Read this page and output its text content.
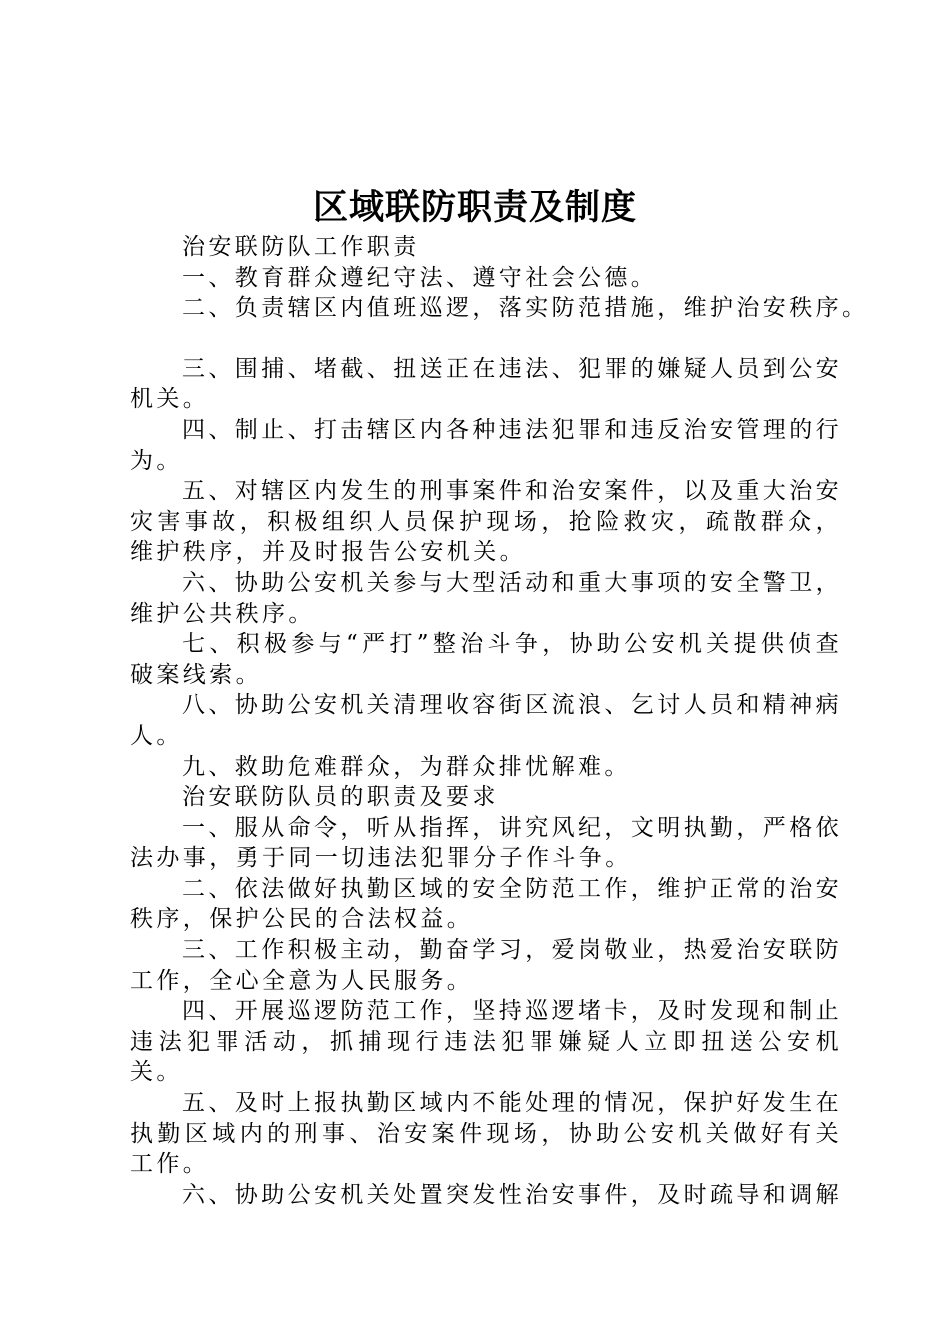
区域联防职责及制度

治安联防队工作职责

一、教育群众遵纪守法、遵守社会公德。

二、负责辖区内值班巡逻，落实防范措施，维护治安秩序。

三、围捕、堵截、扭送正在违法、犯罪的嫌疑人员到公安机关。

四、制止、打击辖区内各种违法犯罪和违反治安管理的行为。

五、对辖区内发生的刑事案件和治安案件，以及重大治安灾害事故，积极组织人员保护现场，抢险救灾，疏散群众，维护秩序，并及时报告公安机关。

六、协助公安机关参与大型活动和重大事项的安全警卫，维护公共秩序。

七、积极参与“严打”整治斗争，协助公安机关提供侦查破案线索。

八、协助公安机关清理收容街区流浪、乞讨人员和精神病人。

九、救助危难群众，为群众排忧解难。

治安联防队员的职责及要求

一、服从命令，听从指挥，讲究风纪，文明执勤，严格依法办事，勇于同一切违法犯罪分子作斗争。

二、依法做好执勤区域的安全防范工作，维护正常的治安秩序，保护公民的合法权益。

三、工作积极主动，勤奋学习，爱岗敬业，热爱治安联防工作，全心全意为人民服务。

四、开展巡逻防范工作，坚持巡逻堵卡，及时发现和制止违法犯罪活动，抓捕现行违法犯罪嫌疑人立即扭送公安机关。

五、及时上报执勤区域内不能处理的情况，保护好发生在执勤区域内的刑事、治安案件现场，协助公安机关做好有关工作。

六、协助公安机关处置突发性治安事件，及时疏导和调解
